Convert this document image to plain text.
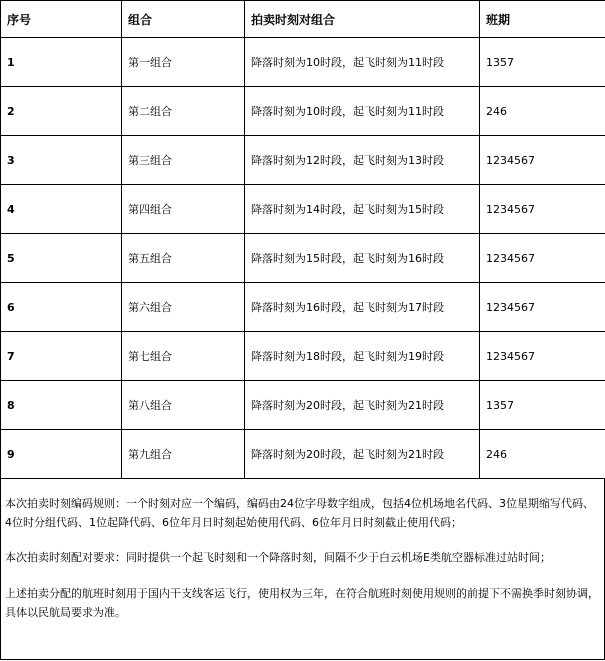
序号	组合	拍卖时刻对组合	班期
1	第一组合	降落时刻为10时段，起飞时刻为11时段	1357
2	第二组合	降落时刻为10时段，起飞时刻为11时段	246
3	第三组合	降落时刻为12时段，起飞时刻为13时段	1234567
4	第四组合	降落时刻为14时段，起飞时刻为15时段	1234567
5	第五组合	降落时刻为15时段，起飞时刻为16时段	1234567
6	第六组合	降落时刻为16时段，起飞时刻为17时段	1234567
7	第七组合	降落时刻为18时段，起飞时刻为19时段	1234567
8	第八组合	降落时刻为20时段，起飞时刻为21时段	1357
9	第九组合	降落时刻为20时段，起飞时刻为21时段	246

本次拍卖时刻编码规则：一个时刻对应一个编码，编码由24位字母数字组成，包括4位机场地名代码、3位星期缩写代码、4位时分组代码、1位起降代码、6位年月日时刻起始使用代码、6位年月日时刻截止使用代码；

本次拍卖时刻配对要求：同时提供一个起飞时刻和一个降落时刻，间隔不少于白云机场E类航空器标准过站时间；

上述拍卖分配的航班时刻用于国内干支线客运飞行，使用权为三年，在符合航班时刻使用规则的前提下不需换季时刻协调，具体以民航局要求为准。
